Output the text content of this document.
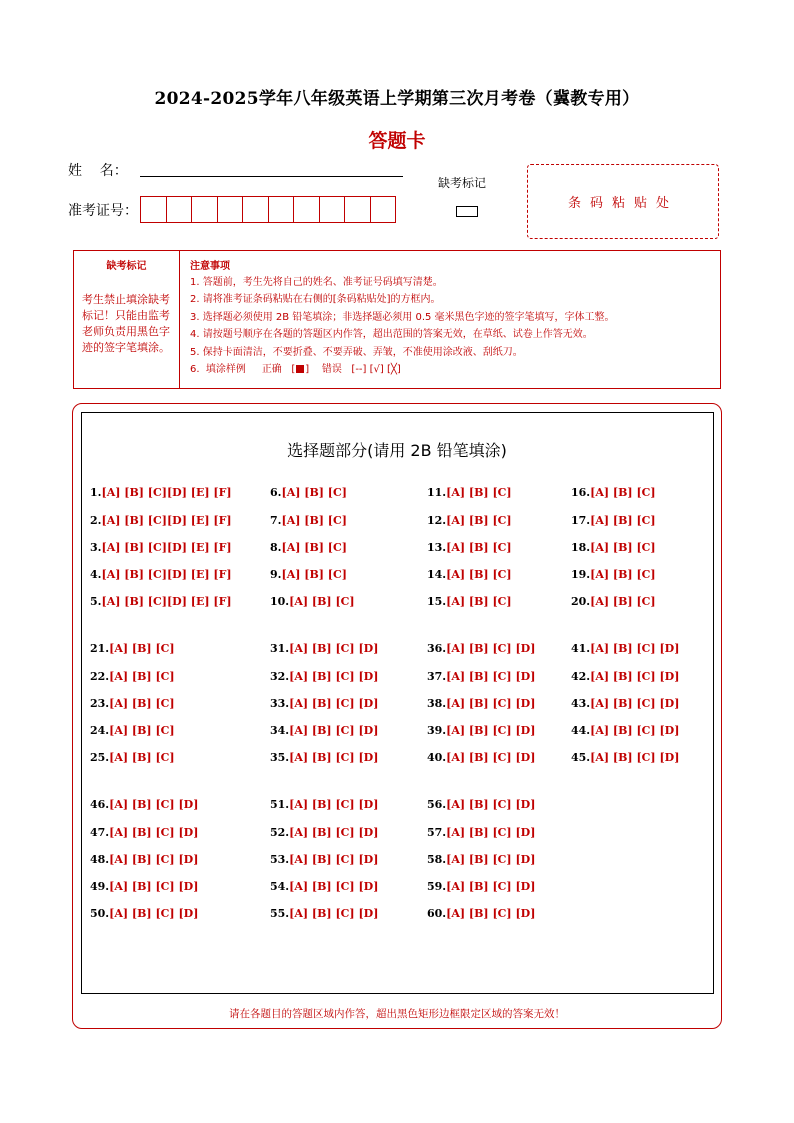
2024-2025学年八年级英语上学期第三次月考卷（冀教专用）
答题卡
姓    名：
准考证号：
缺考标记
条码粘贴处
缺考标记
考生禁止填涂缺考标记！只能由监考老师负责用黑色字迹的签字笔填涂。
注意事项
1. 答题前，考生先将自己的姓名、准考证号码填写清楚。
2. 请将准考证条码粘贴在右侧的[条码粘贴处]的方框内。
3. 选择题必须使用 2B 铅笔填涂；非选择题必须用 0.5 毫米黑色字迹的签字笔填写，字体工整。
4. 请按题号顺序在各题的答题区内作答，超出范围的答案无效，在草纸、试卷上作答无效。
5. 保持卡面清洁，不要折叠、不要弄破、弄皱，不准使用涂改液、刮纸刀。
6.  填涂样例 正确   [ ]    错误 [--] [√] [╳]
选择题部分(请用 2B 铅笔填涂)
1.[A] [B] [C][D] [E] [F]
2.[A] [B] [C][D] [E] [F]
3.[A] [B] [C][D] [E] [F]
4.[A] [B] [C][D] [E] [F]
5.[A] [B] [C][D] [E] [F]
6.[A] [B] [C]
7.[A] [B] [C]
8.[A] [B] [C]
9.[A] [B] [C]
10.[A] [B] [C]
11.[A] [B] [C]
12.[A] [B] [C]
13.[A] [B] [C]
14.[A] [B] [C]
15.[A] [B] [C]
16.[A] [B] [C]
17.[A] [B] [C]
18.[A] [B] [C]
19.[A] [B] [C]
20.[A] [B] [C]
21.[A] [B] [C]
22.[A] [B] [C]
23.[A] [B] [C]
24.[A] [B] [C]
25.[A] [B] [C]
31.[A] [B] [C] [D]
32.[A] [B] [C] [D]
33.[A] [B] [C] [D]
34.[A] [B] [C] [D]
35.[A] [B] [C] [D]
36.[A] [B] [C] [D]
37.[A] [B] [C] [D]
38.[A] [B] [C] [D]
39.[A] [B] [C] [D]
40.[A] [B] [C] [D]
41.[A] [B] [C] [D]
42.[A] [B] [C] [D]
43.[A] [B] [C] [D]
44.[A] [B] [C] [D]
45.[A] [B] [C] [D]
46.[A] [B] [C] [D]
47.[A] [B] [C] [D]
48.[A] [B] [C] [D]
49.[A] [B] [C] [D]
50.[A] [B] [C] [D]
51.[A] [B] [C] [D]
52.[A] [B] [C] [D]
53.[A] [B] [C] [D]
54.[A] [B] [C] [D]
55.[A] [B] [C] [D]
56.[A] [B] [C] [D]
57.[A] [B] [C] [D]
58.[A] [B] [C] [D]
59.[A] [B] [C] [D]
60.[A] [B] [C] [D]
请在各题目的答题区域内作答，超出黑色矩形边框限定区域的答案无效！
